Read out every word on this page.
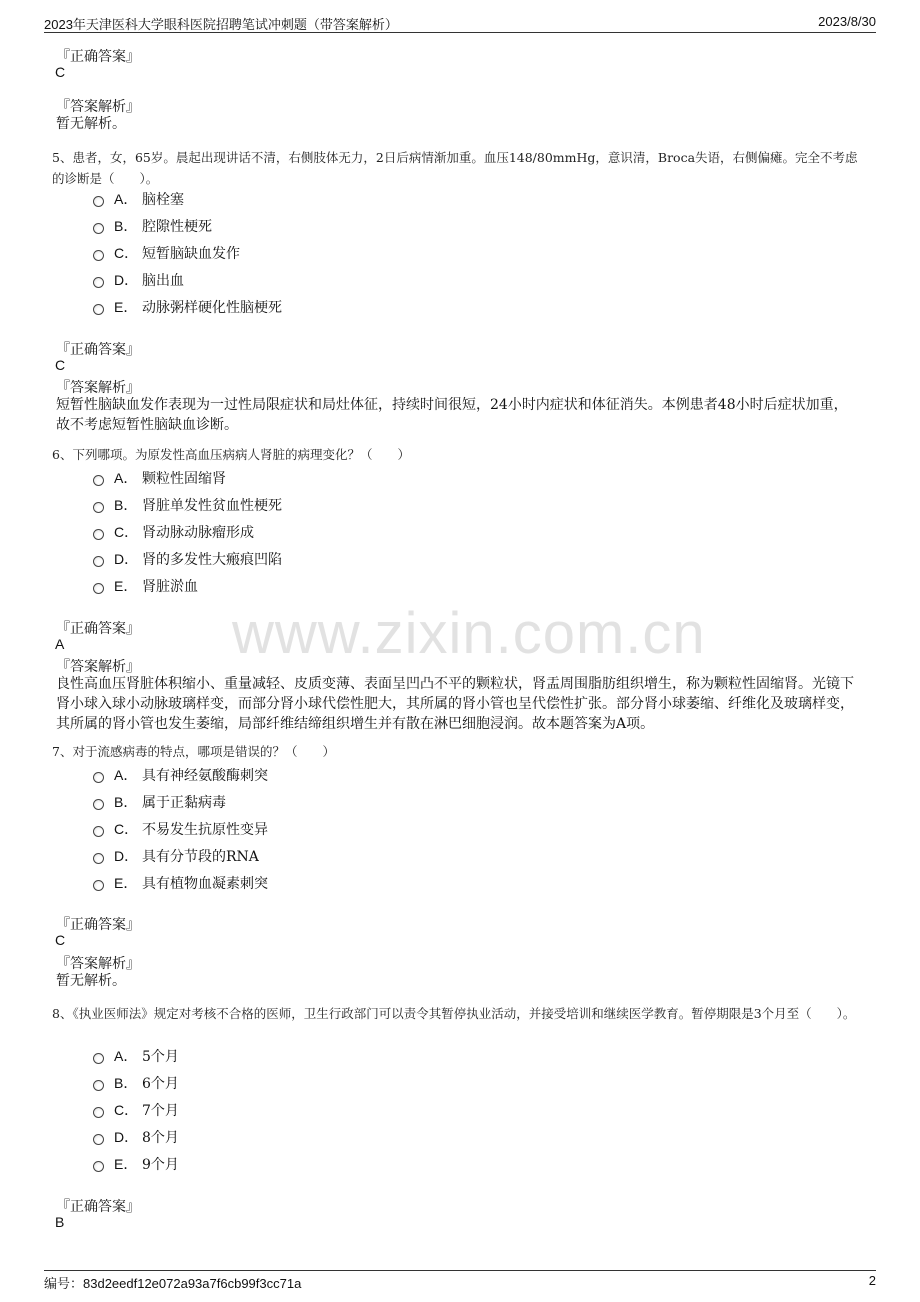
2023年天津医科大学眼科医院招聘笔试冲刺题（带答案解析）	2023/8/30
www.zixin.com.cn
『正确答案』
C
『答案解析』
暂无解析。
5、患者，女，65岁。晨起出现讲话不清，右侧肢体无力，2日后病情渐加重。血压148/80mmHg，意识清，Broca失语，右侧偏瘫。完全不考虑的诊断是（　　）。
A． 脑栓塞
B． 腔隙性梗死
C． 短暂脑缺血发作
D． 脑出血
E． 动脉粥样硬化性脑梗死
『正确答案』
C
『答案解析』
短暂性脑缺血发作表现为一过性局限症状和局灶体征，持续时间很短，24小时内症状和体征消失。本例患者48小时后症状加重，故不考虑短暂性脑缺血诊断。
6、下列哪项。为原发性高血压病病人肾脏的病理变化？（　　）
A． 颗粒性固缩肾
B． 肾脏单发性贫血性梗死
C． 肾动脉动脉瘤形成
D． 肾的多发性大瘢痕凹陷
E． 肾脏淤血
『正确答案』
A
『答案解析』
良性高血压肾脏体积缩小、重量减轻、皮质变薄、表面呈凹凸不平的颗粒状，肾盂周围脂肪组织增生，称为颗粒性固缩肾。光镜下肾小球入球小动脉玻璃样变，而部分肾小球代偿性肥大，其所属的肾小管也呈代偿性扩张。部分肾小球萎缩、纤维化及玻璃样变，其所属的肾小管也发生萎缩，局部纤维结缔组织增生并有散在淋巴细胞浸润。故本题答案为A项。
7、对于流感病毒的特点，哪项是错误的？（　　）
A． 具有神经氨酸酶刺突
B． 属于正黏病毒
C． 不易发生抗原性变异
D． 具有分节段的RNA
E． 具有植物血凝素刺突
『正确答案』
C
『答案解析』
暂无解析。
8、《执业医师法》规定对考核不合格的医师，卫生行政部门可以责令其暂停执业活动，并接受培训和继续医学教育。暂停期限是3个月至（　　）。
A． 5个月
B． 6个月
C． 7个月
D． 8个月
E． 9个月
『正确答案』
B
编号：83d2eedf12e072a93a7f6cb99f3cc71a	2
